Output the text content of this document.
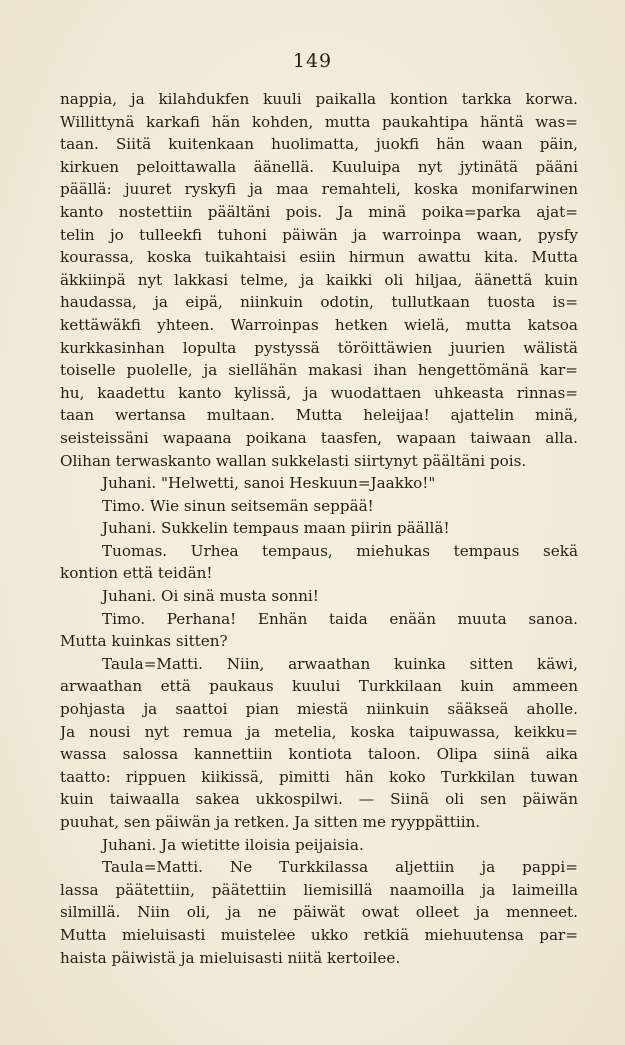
149
nappia, ja kilahdukfen kuuli paikalla kontion tarkka korwa.
Willittynä karkafi hän kohden, mutta paukahtipa häntä was=
taan. Siitä kuitenkaan huolimatta, juokfi hän waan päin,
kirkuen peloittawalla äänellä. Kuuluipa nyt jytinätä pääni
päällä: juuret ryskyfi ja maa remahteli, koska monifarwinen
kanto nostettiin päältäni pois. Ja minä poika=parka ajat=
telin jo tulleekfi tuhoni päiwän ja warroinpa waan, pysfy
kourassa, koska tuikahtaisi esiin hirmun awattu kita. Mutta
äkkiinpä nyt lakkasi telme, ja kaikki oli hiljaa, äänettä kuin
haudassa, ja eipä, niinkuin odotin, tullutkaan tuosta is=
kettäwäkfi yhteen. Warroinpas hetken wielä, mutta katsoa
kurkkasinhan lopulta pystyssä töröittäwien juurien wälistä
toiselle puolelle, ja siellähän makasi ihan hengettömänä kar=
hu, kaadettu kanto kylissä, ja wuodattaen uhkeasta rinnas=
taan wertansa multaan. Mutta heleijaa! ajattelin minä,
seisteissäni wapaana poikana taasfen, wapaan taiwaan alla.
Olihan terwaskanto wallan sukkelasti siirtynyt päältäni pois.
Juhani. "Helwetti, sanoi Heskuun=Jaakko!"
Timo. Wie sinun seitsemän seppää!
Juhani. Sukkelin tempaus maan piirin päällä!
Tuomas. Urhea tempaus, miehukas tempaus sekä
kontion että teidän!
Juhani. Oi sinä musta sonni!
Timo. Perhana! Enhän taida enään muuta sanoa.
Mutta kuinkas sitten?
Taula=Matti. Niin, arwaathan kuinka sitten käwi,
arwaathan että paukaus kuului Turkkilaan kuin ammeen
pohjasta ja saattoi pian miestä niinkuin sääkseä aholle.
Ja nousi nyt remua ja metelia, koska taipuwassa, keikku=
wassa salossa kannettiin kontiota taloon. Olipa siinä aika
taatto: rippuen kiikissä, pimitti hän koko Turkkilan tuwan
kuin taiwaalla sakea ukkospilwi. — Siinä oli sen päiwän
puuhat, sen päiwän ja retken. Ja sitten me ryyppättiin.
Juhani. Ja wietitte iloisia peijaisia.
Taula=Matti. Ne Turkkilassa aljettiin ja pappi=
lassa päätettiin, päätettiin liemisillä naamoilla ja laimeilla
silmillä. Niin oli, ja ne päiwät owat olleet ja menneet.
Mutta mieluisasti muistelee ukko retkiä miehuutensa par=
haista päiwistä ja mieluisasti niitä kertoilee.
